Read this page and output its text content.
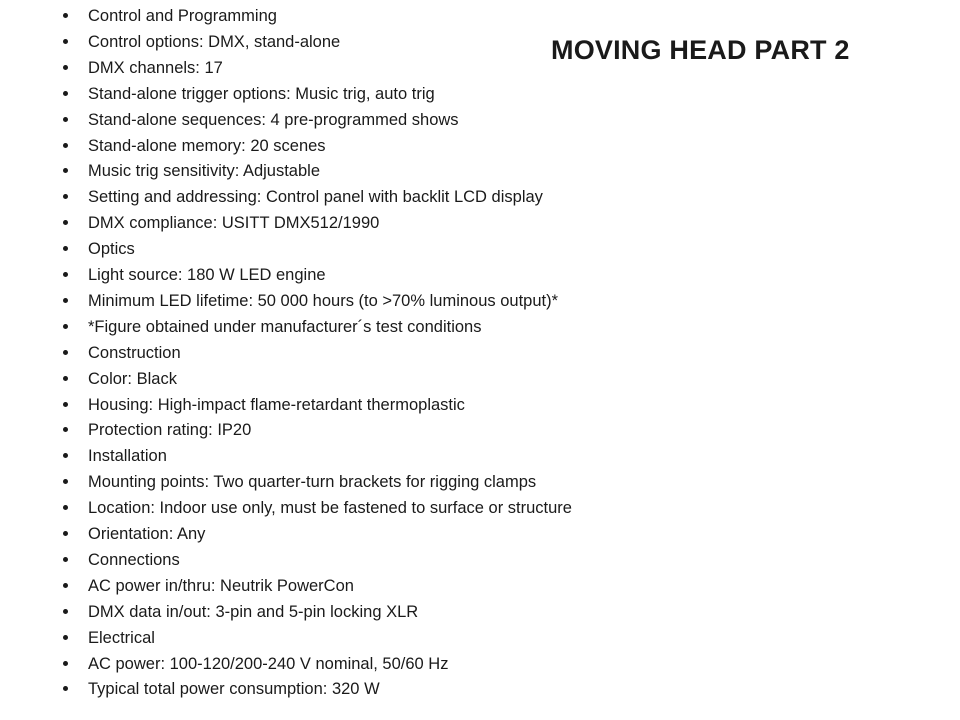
MOVING HEAD PART 2
Control and Programming
Control options: DMX, stand-alone
DMX channels: 17
Stand-alone trigger options: Music trig, auto trig
Stand-alone sequences: 4 pre-programmed shows
Stand-alone memory: 20 scenes
Music trig sensitivity: Adjustable
Setting and addressing: Control panel with backlit LCD display
DMX compliance: USITT DMX512/1990
Optics
Light source: 180 W LED engine
Minimum LED lifetime: 50 000 hours (to >70% luminous output)*
*Figure obtained under manufacturer´s test conditions
Construction
Color: Black
Housing: High-impact flame-retardant thermoplastic
Protection rating: IP20
Installation
Mounting points: Two quarter-turn brackets for rigging clamps
Location: Indoor use only, must be fastened to surface or structure
Orientation: Any
Connections
AC power in/thru: Neutrik PowerCon
DMX data in/out: 3-pin and 5-pin locking XLR
Electrical
AC power: 100-120/200-240 V nominal, 50/60 Hz
Typical total power consumption: 320 W
